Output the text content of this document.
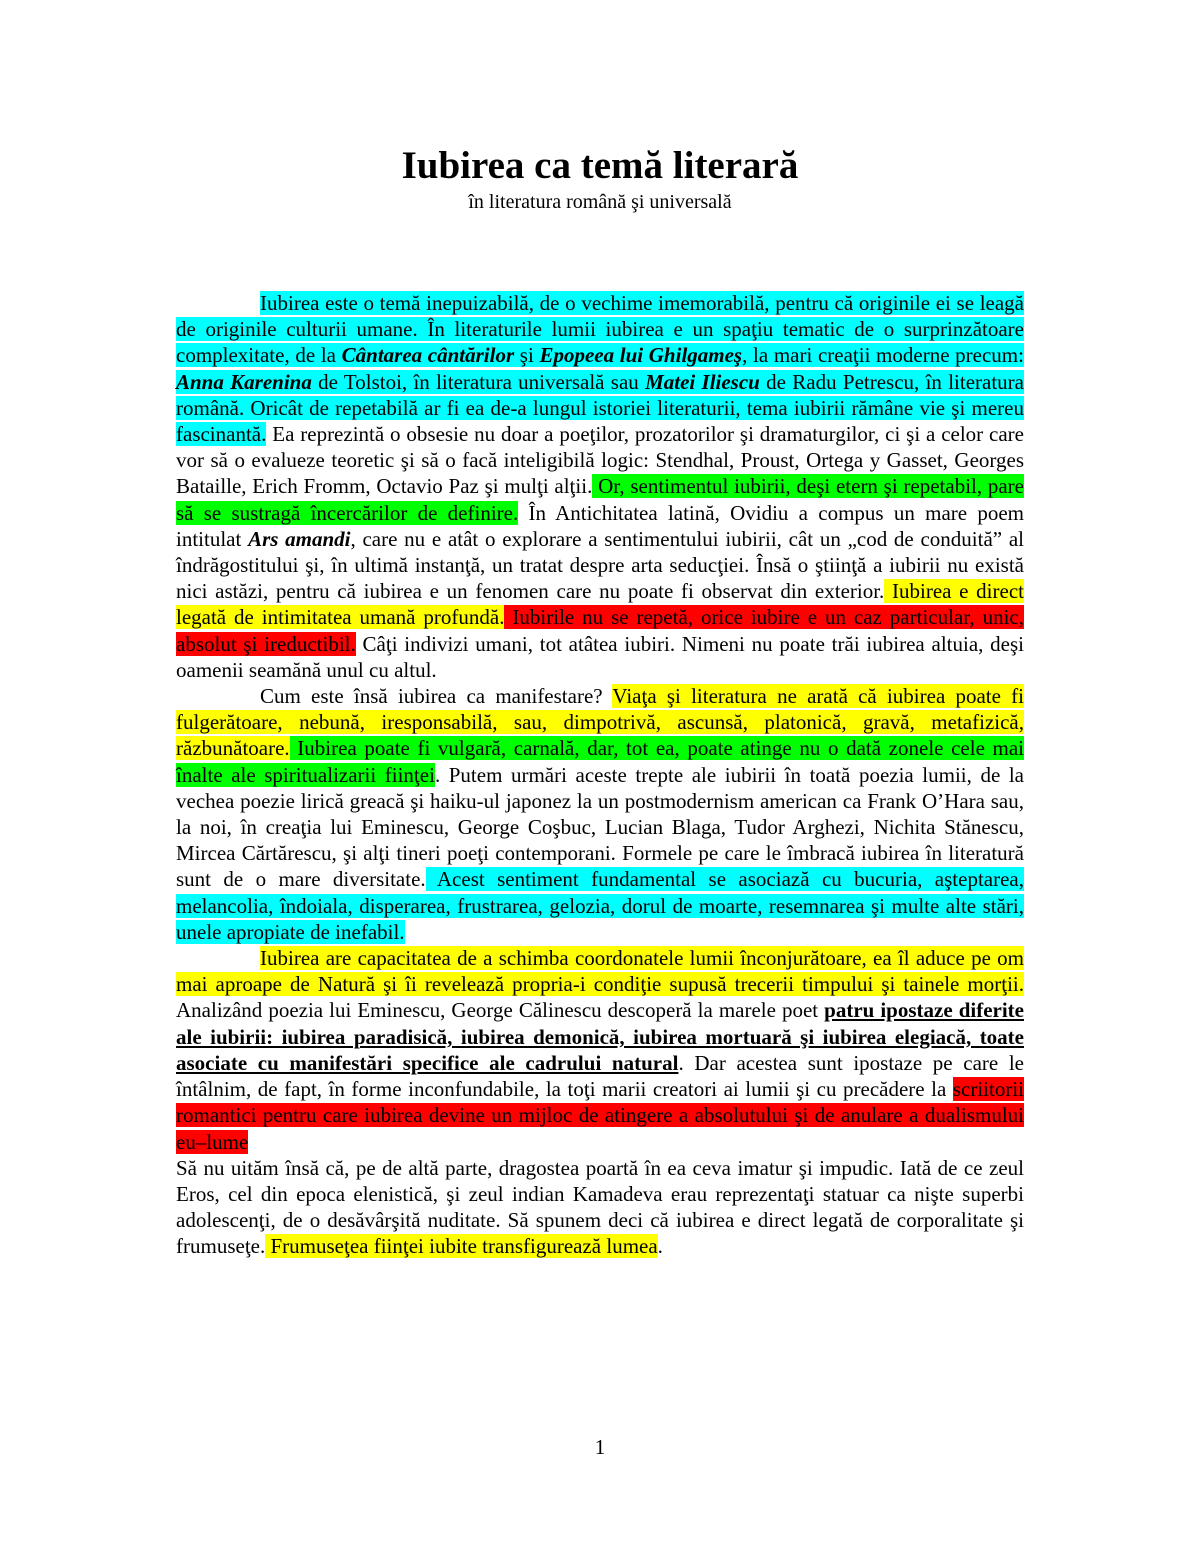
Iubirea ca temă literară
în literatura română şi universală

Iubirea este o temă inepuizabilă, de o vechime imemorabilă, pentru că originile ei se leagă de originile culturii umane. În literaturile lumii iubirea e un spaţiu tematic de o surprinzătoare complexitate, de la Cântarea cântărilor şi Epopeea lui Ghilgameş, la mari creaţii moderne precum: Anna Karenina de Tolstoi, în literatura universală sau Matei Iliescu de Radu Petrescu, în literatura română. Oricât de repetabilă ar fi ea de-a lungul istoriei literaturii, tema iubirii rămâne vie şi mereu fascinantă. Ea reprezintă o obsesie nu doar a poeţilor, prozatorilor şi dramaturgilor, ci şi a celor care vor să o evalueze teoretic şi să o facă inteligibilă logic: Stendhal, Proust, Ortega y Gasset, Georges Bataille, Erich Fromm, Octavio Paz şi mulţi alţii. Or, sentimentul iubirii, deşi etern şi repetabil, pare să se sustragă încercărilor de definire. În Antichitatea latină, Ovidiu a compus un mare poem intitulat Ars amandi, care nu e atât o explorare a sentimentului iubirii, cât un „cod de conduită” al îndrăgostitului şi, în ultimă instanţă, un tratat despre arta seducţiei. Însă o ştiinţă a iubirii nu există nici astăzi, pentru că iubirea e un fenomen care nu poate fi observat din exterior. Iubirea e direct legată de intimitatea umană profundă. Iubirile nu se repetă, orice iubire e un caz particular, unic, absolut şi ireductibil. Câţi indivizi umani, tot atâtea iubiri. Nimeni nu poate trăi iubirea altuia, deşi oamenii seamănă unul cu altul.

Cum este însă iubirea ca manifestare? Viaţa şi literatura ne arată că iubirea poate fi fulgerătoare, nebună, iresponsabilă, sau, dimpotrivă, ascunsă, platonică, gravă, metafizică, răzbunătoare. Iubirea poate fi vulgară, carnală, dar, tot ea, poate atinge nu o dată zonele cele mai înalte ale spiritualizarii fiinţei. Putem urmări aceste trepte ale iubirii în toată poezia lumii, de la vechea poezie lirică greacă şi haiku-ul japonez la un postmodernism american ca Frank O’Hara sau, la noi, în creaţia lui Eminescu, George Coşbuc, Lucian Blaga, Tudor Arghezi, Nichita Stănescu, Mircea Cărtărescu, şi alţi tineri poeţi contemporani. Formele pe care le îmbracă iubirea în literatură sunt de o mare diversitate. Acest sentiment fundamental se asociază cu bucuria, aşteptarea, melancolia, îndoiala, disperarea, frustrarea, gelozia, dorul de moarte, resemnarea şi multe alte stări, unele apropiate de inefabil.

Iubirea are capacitatea de a schimba coordonatele lumii înconjurătoare, ea îl aduce pe om mai aproape de Natură şi îi revelează propria-i condiţie supusă trecerii timpului şi tainele morţii. Analizând poezia lui Eminescu, George Călinescu descoperă la marele poet patru ipostaze diferite ale iubirii: iubirea paradisică, iubirea demonică, iubirea mortuară şi iubirea elegiacă, toate asociate cu manifestări specifice ale cadrului natural. Dar acestea sunt ipostaze pe care le întâlnim, de fapt, în forme inconfundabile, la toţi marii creatori ai lumii şi cu precădere la scriitorii romantici pentru care iubirea devine un mijloc de atingere a absolutului şi de anulare a dualismului eu–lume

Să nu uităm însă că, pe de altă parte, dragostea poartă în ea ceva imatur şi impudic. Iată de ce zeul Eros, cel din epoca elenistică, şi zeul indian Kamadeva erau reprezentaţi statuar ca nişte superbi adolescenţi, de o desăvârşită nuditate. Să spunem deci că iubirea e direct legată de corporalitate şi frumuseţe. Frumuseţea fiinţei iubite transfigurează lumea.

1
